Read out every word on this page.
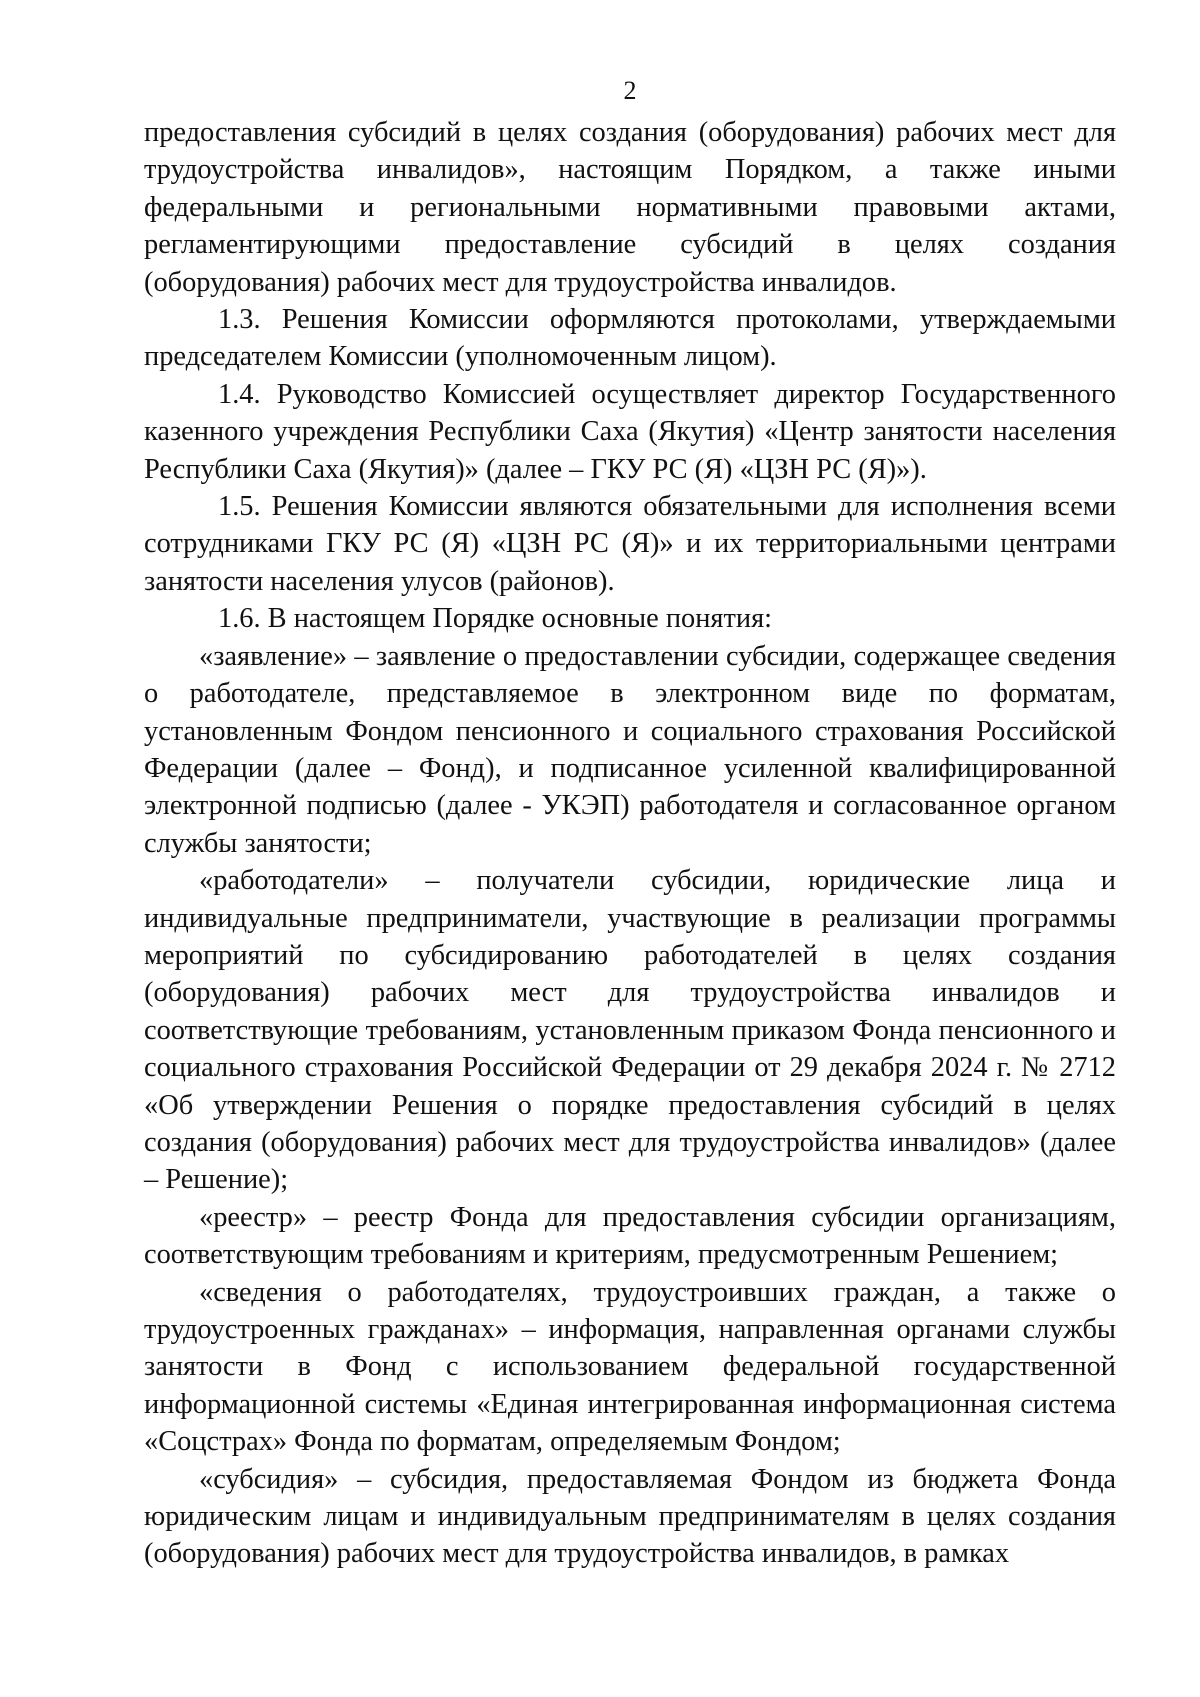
2

предоставления субсидий в целях создания (оборудования) рабочих мест для трудоустройства инвалидов», настоящим Порядком, а также иными федеральными и региональными нормативными правовыми актами, регламентирующими предоставление субсидий в целях создания (оборудования) рабочих мест для трудоустройства инвалидов.

1.3. Решения Комиссии оформляются протоколами, утверждаемыми председателем Комиссии (уполномоченным лицом).

1.4. Руководство Комиссией осуществляет директор Государственного казенного учреждения Республики Саха (Якутия) «Центр занятости населения Республики Саха (Якутия)» (далее – ГКУ РС (Я) «ЦЗН РС (Я)»).

1.5. Решения Комиссии являются обязательными для исполнения всеми сотрудниками ГКУ РС (Я) «ЦЗН РС (Я)» и их территориальными центрами занятости населения улусов (районов).

1.6. В настоящем Порядке основные понятия:

«заявление» – заявление о предоставлении субсидии, содержащее сведения о работодателе, представляемое в электронном виде по форматам, установленным Фондом пенсионного и социального страхования Российской Федерации (далее – Фонд), и подписанное усиленной квалифицированной электронной подписью (далее - УКЭП) работодателя и согласованное органом службы занятости;

«работодатели» – получатели субсидии, юридические лица и индивидуальные предприниматели, участвующие в реализации программы мероприятий по субсидированию работодателей в целях создания (оборудования) рабочих мест для трудоустройства инвалидов и соответствующие требованиям, установленным приказом Фонда пенсионного и социального страхования Российской Федерации от 29 декабря 2024 г. № 2712 «Об утверждении Решения о порядке предоставления субсидий в целях создания (оборудования) рабочих мест для трудоустройства инвалидов» (далее – Решение);

«реестр» – реестр Фонда для предоставления субсидии организациям, соответствующим требованиям и критериям, предусмотренным Решением;

«сведения о работодателях, трудоустроивших граждан, а также о трудоустроенных гражданах» – информация, направленная органами службы занятости в Фонд с использованием федеральной государственной информационной системы «Единая интегрированная информационная система «Соцстрах» Фонда по форматам, определяемым Фондом;

«субсидия» – субсидия, предоставляемая Фондом из бюджета Фонда юридическим лицам и индивидуальным предпринимателям в целях создания (оборудования) рабочих мест для трудоустройства инвалидов, в рамках
